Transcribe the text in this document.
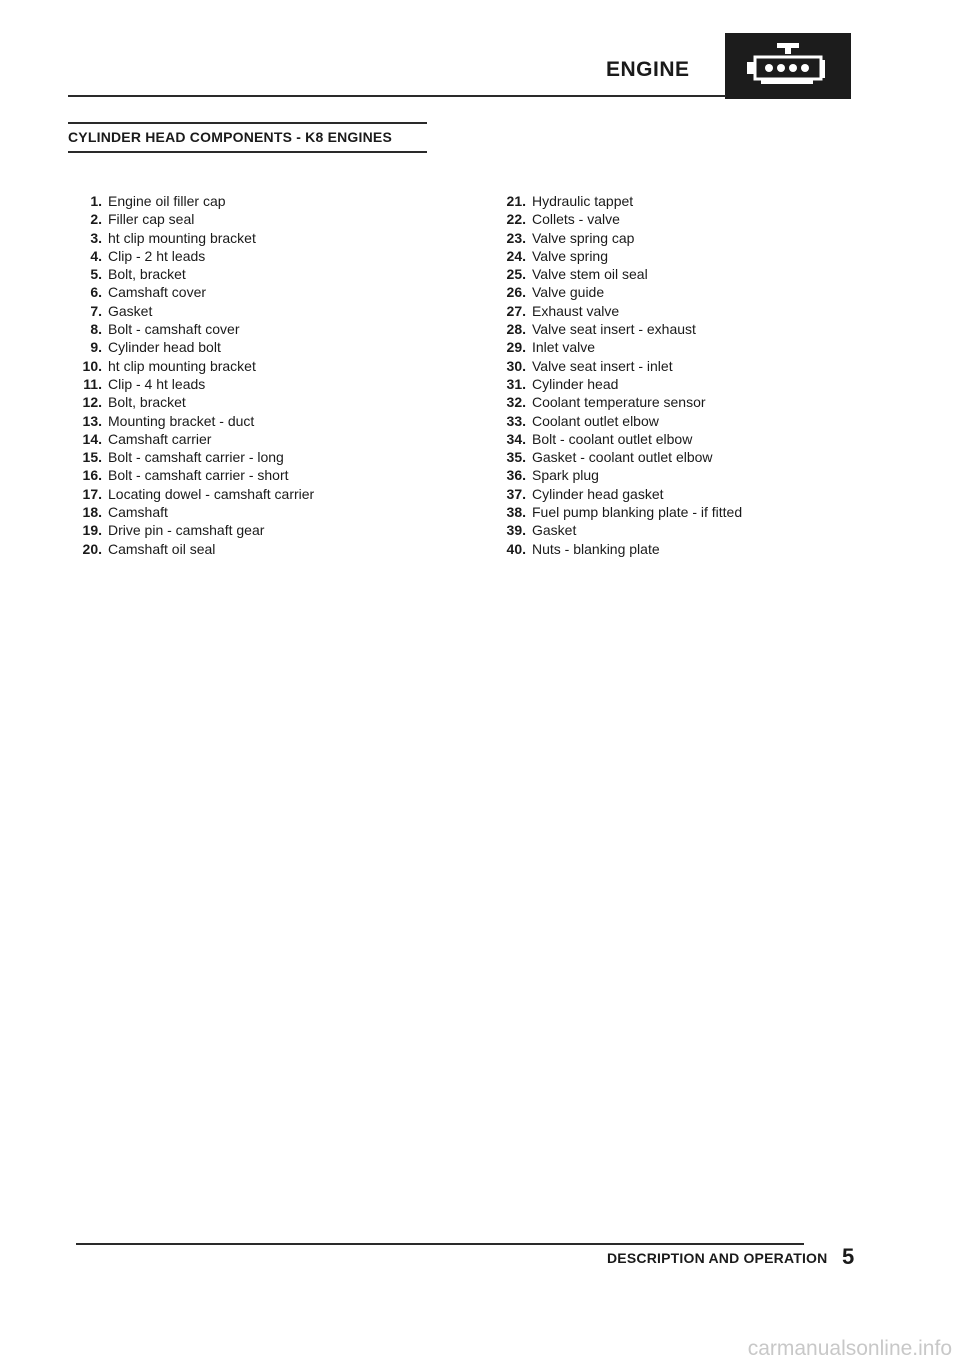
ENGINE
CYLINDER HEAD COMPONENTS - K8 ENGINES
1. Engine oil filler cap
2. Filler cap seal
3. ht clip mounting bracket
4. Clip - 2 ht leads
5. Bolt, bracket
6. Camshaft cover
7. Gasket
8. Bolt - camshaft cover
9. Cylinder head bolt
10. ht clip mounting bracket
11. Clip - 4 ht leads
12. Bolt, bracket
13. Mounting bracket - duct
14. Camshaft carrier
15. Bolt - camshaft carrier - long
16. Bolt - camshaft carrier - short
17. Locating dowel - camshaft carrier
18. Camshaft
19. Drive pin - camshaft gear
20. Camshaft oil seal
21. Hydraulic tappet
22. Collets - valve
23. Valve spring cap
24. Valve spring
25. Valve stem oil seal
26. Valve guide
27. Exhaust valve
28. Valve seat insert - exhaust
29. Inlet valve
30. Valve seat insert - inlet
31. Cylinder head
32. Coolant temperature sensor
33. Coolant outlet elbow
34. Bolt - coolant outlet elbow
35. Gasket - coolant outlet elbow
36. Spark plug
37. Cylinder head gasket
38. Fuel pump blanking plate - if fitted
39. Gasket
40. Nuts - blanking plate
DESCRIPTION AND OPERATION 5
carmanualsonline.info
